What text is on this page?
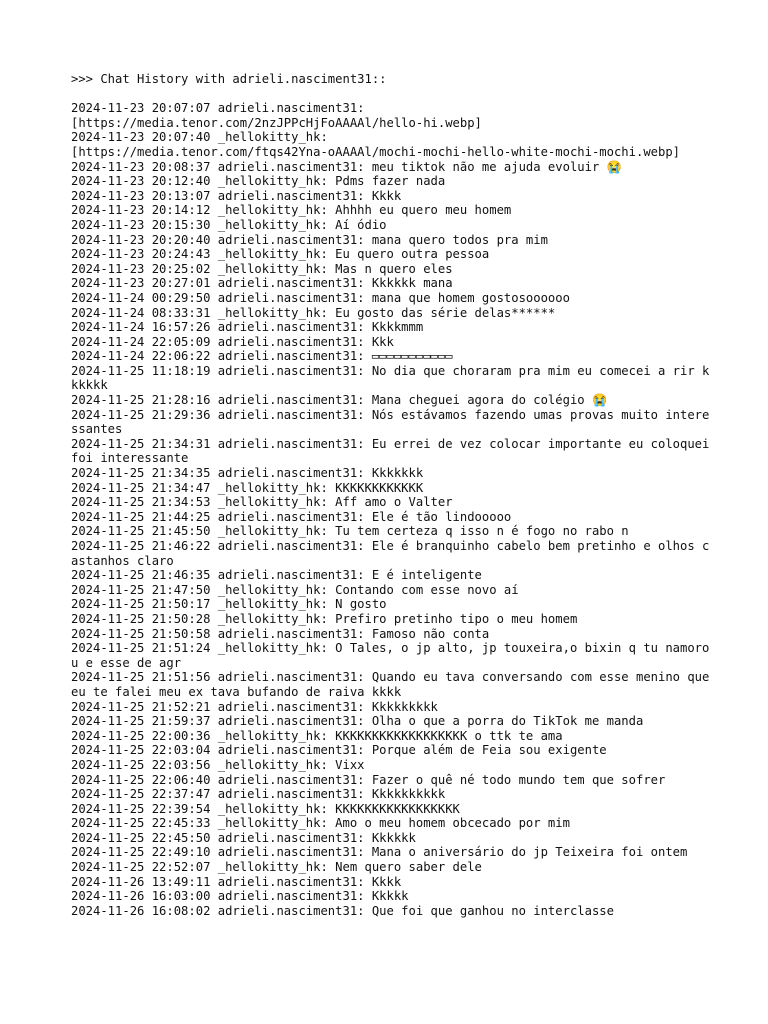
>>> Chat History with adrieli.nasciment31::
2024-11-23 20:07:07 adrieli.nasciment31:
[https://media.tenor.com/2nzJPPcHjFoAAAAl/hello-hi.webp]
2024-11-23 20:07:40 _hellokitty_hk:
[https://media.tenor.com/ftqs42Yna-oAAAAl/mochi-mochi-hello-white-mochi-mochi.webp]
2024-11-23 20:08:37 adrieli.nasciment31: meu tiktok não me ajuda evoluir 😭
2024-11-23 20:12:40 _hellokitty_hk: Pdms fazer nada
2024-11-23 20:13:07 adrieli.nasciment31: Kkkk
2024-11-23 20:14:12 _hellokitty_hk: Ahhhh eu quero meu homem
2024-11-23 20:15:30 _hellokitty_hk: Aí ódio
2024-11-23 20:20:40 adrieli.nasciment31: mana quero todos pra mim
2024-11-23 20:24:43 _hellokitty_hk: Eu quero outra pessoa
2024-11-23 20:25:02 _hellokitty_hk: Mas n quero eles
2024-11-23 20:27:01 adrieli.nasciment31: Kkkkkk mana
2024-11-24 00:29:50 adrieli.nasciment31: mana que homem gostosoooooo
2024-11-24 08:33:31 _hellokitty_hk: Eu gosto das série delas******
2024-11-24 16:57:26 adrieli.nasciment31: Kkkkmmm
2024-11-24 22:05:09 adrieli.nasciment31: Kkk
2024-11-24 22:06:22 adrieli.nasciment31: ▭▭▭▭▭▭▭▭▭▭▭
2024-11-25 11:18:19 adrieli.nasciment31: No dia que choraram pra mim eu comecei a rir kkkkkk
2024-11-25 21:28:16 adrieli.nasciment31: Mana cheguei agora do colégio 😭
2024-11-25 21:29:36 adrieli.nasciment31: Nós estávamos fazendo umas provas muito interessantes
2024-11-25 21:34:31 adrieli.nasciment31: Eu errei de vez colocar importante eu coloquei foi interessante
2024-11-25 21:34:35 adrieli.nasciment31: Kkkkkkk
2024-11-25 21:34:47 _hellokitty_hk: KKKKKKKKKKKK
2024-11-25 21:34:53 _hellokitty_hk: Aff amo o Valter
2024-11-25 21:44:25 adrieli.nasciment31: Ele é tão lindooooo
2024-11-25 21:45:50 _hellokitty_hk: Tu tem certeza q isso n é fogo no rabo n
2024-11-25 21:46:22 adrieli.nasciment31: Ele é branquinho cabelo bem pretinho e olhos castanhos claro
2024-11-25 21:46:35 adrieli.nasciment31: E é inteligente
2024-11-25 21:47:50 _hellokitty_hk: Contando com esse novo aí
2024-11-25 21:50:17 _hellokitty_hk: N gosto
2024-11-25 21:50:28 _hellokitty_hk: Prefiro pretinho tipo o meu homem
2024-11-25 21:50:58 adrieli.nasciment31: Famoso não conta
2024-11-25 21:51:24 _hellokitty_hk: O Tales, o jp alto, jp touxeira,o bixin q tu namorou e esse de agr
2024-11-25 21:51:56 adrieli.nasciment31: Quando eu tava conversando com esse menino que eu te falei meu ex tava bufando de raiva kkkk
2024-11-25 21:52:21 adrieli.nasciment31: Kkkkkkkkk
2024-11-25 21:59:37 adrieli.nasciment31: Olha o que a porra do TikTok me manda
2024-11-25 22:00:36 _hellokitty_hk: KKKKKKKKKKKKKKKKKK o ttk te ama
2024-11-25 22:03:04 adrieli.nasciment31: Porque além de Feia sou exigente
2024-11-25 22:03:56 _hellokitty_hk: Vixx
2024-11-25 22:06:40 adrieli.nasciment31: Fazer o quê né todo mundo tem que sofrer
2024-11-25 22:37:47 adrieli.nasciment31: Kkkkkkkkkk
2024-11-25 22:39:54 _hellokitty_hk: KKKKKKKKKKKKKKKKK
2024-11-25 22:45:33 _hellokitty_hk: Amo o meu homem obcecado por mim
2024-11-25 22:45:50 adrieli.nasciment31: Kkkkkk
2024-11-25 22:49:10 adrieli.nasciment31: Mana o aniversário do jp Teixeira foi ontem
2024-11-25 22:52:07 _hellokitty_hk: Nem quero saber dele
2024-11-26 13:49:11 adrieli.nasciment31: Kkkk
2024-11-26 16:03:00 adrieli.nasciment31: Kkkkk
2024-11-26 16:08:02 adrieli.nasciment31: Que foi que ganhou no interclasse
